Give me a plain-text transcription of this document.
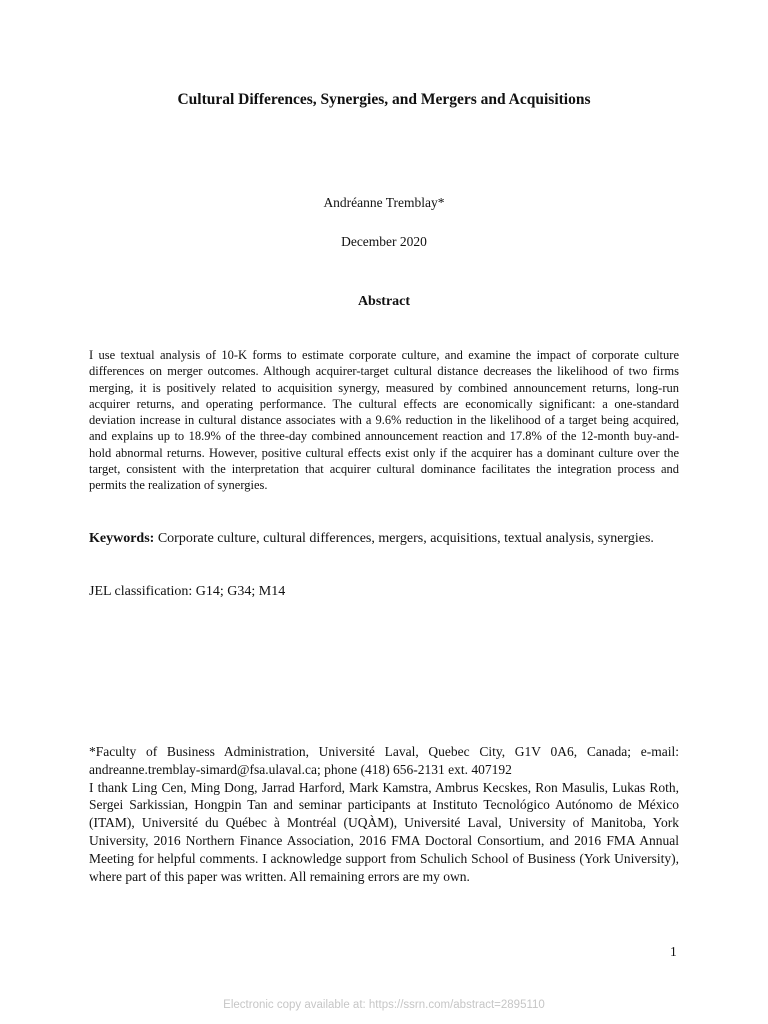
Cultural Differences, Synergies, and Mergers and Acquisitions

Andréanne Tremblay*

December 2020

Abstract

I use textual analysis of 10-K forms to estimate corporate culture, and examine the impact of corporate culture differences on merger outcomes. Although acquirer-target cultural distance decreases the likelihood of two firms merging, it is positively related to acquisition synergy, measured by combined announcement returns, long-run acquirer returns, and operating performance. The cultural effects are economically significant: a one-standard deviation increase in cultural distance associates with a 9.6% reduction in the likelihood of a target being acquired, and explains up to 18.9% of the three-day combined announcement reaction and 17.8% of the 12-month buy-and-hold abnormal returns. However, positive cultural effects exist only if the acquirer has a dominant culture over the target, consistent with the interpretation that acquirer cultural dominance facilitates the integration process and permits the realization of synergies.

Keywords: Corporate culture, cultural differences, mergers, acquisitions, textual analysis, synergies.

JEL classification: G14; G34; M14

*Faculty of Business Administration, Université Laval, Quebec City, G1V 0A6, Canada; e-mail: andreanne.tremblay-simard@fsa.ulaval.ca; phone (418) 656-2131 ext. 407192

I thank Ling Cen, Ming Dong, Jarrad Harford, Mark Kamstra, Ambrus Kecskes, Ron Masulis, Lukas Roth, Sergei Sarkissian, Hongpin Tan and seminar participants at Instituto Tecnológico Autónomo de México (ITAM), Université du Québec à Montréal (UQÀM), Université Laval, University of Manitoba, York University, 2016 Northern Finance Association, 2016 FMA Doctoral Consortium, and 2016 FMA Annual Meeting for helpful comments. I acknowledge support from Schulich School of Business (York University), where part of this paper was written. All remaining errors are my own.

1

Electronic copy available at: https://ssrn.com/abstract=2895110
